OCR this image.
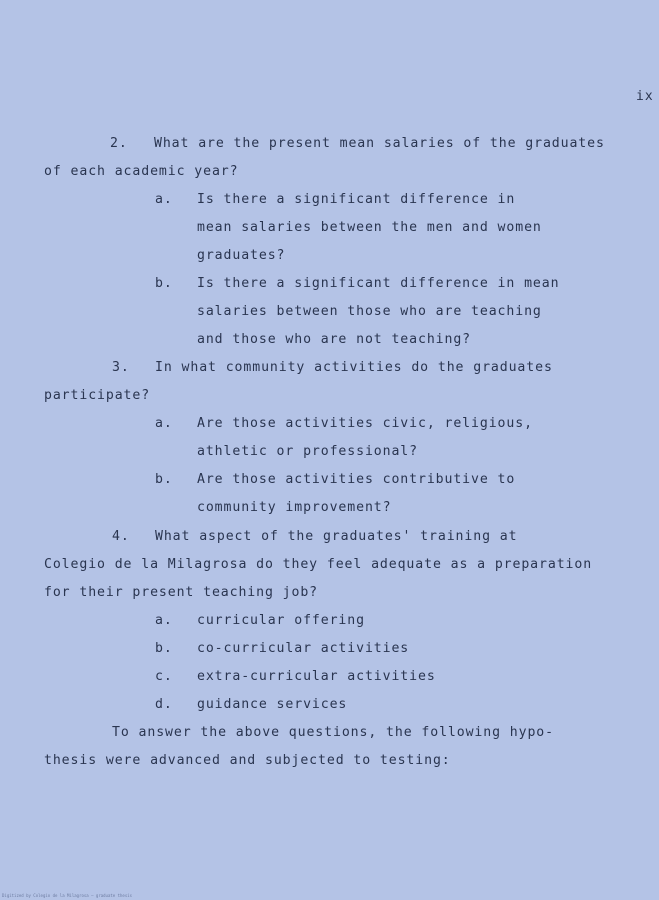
ix
2. What are the present mean salaries of the graduates
of each academic year?
a. Is there a significant difference in
mean salaries between the men and women
graduates?
b. Is there a significant difference in mean
salaries between those who are teaching
and those who are not teaching?
3. In what community activities do the graduates
participate?
a. Are those activities civic, religious,
athletic or professional?
b. Are those activities contributive to
community improvement?
4. What aspect of the graduates' training at
Colegio de la Milagrosa do they feel adequate as a preparation
for their present teaching job?
a. curricular offering
b. co-curricular activities
c. extra-curricular activities
d. guidance services
To answer the above questions, the following hypo-
thesis were advanced and subjected to testing:
Digitized by Colegio de la Milagrosa — graduate thesis
